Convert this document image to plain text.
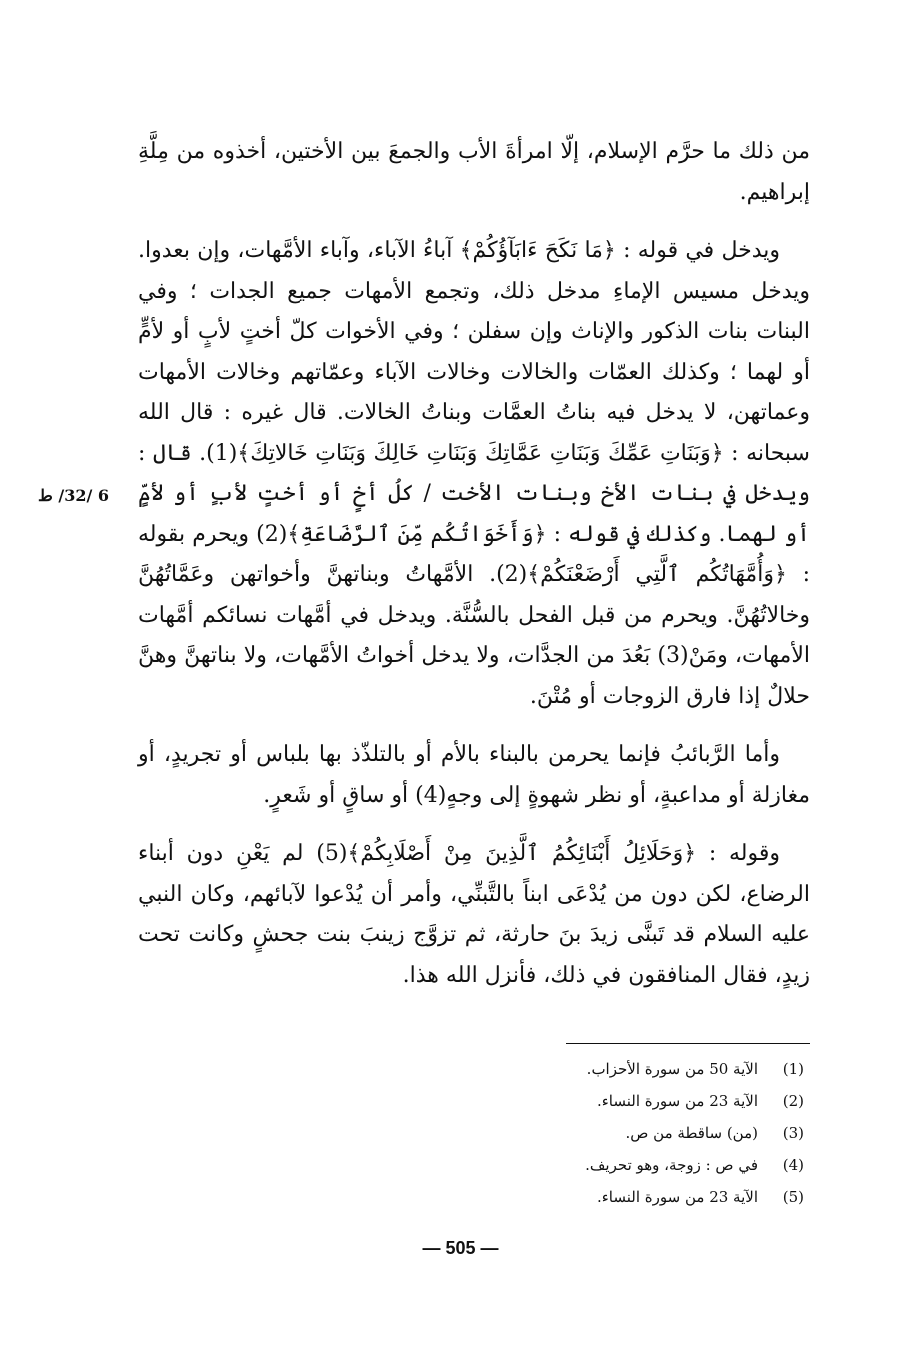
6 /32/ ط

من ذلك ما حرَّم الإسلام، إلّا امرأةَ الأب والجمعَ بين الأختين، أخذوه من مِلَّةِ إبراهيم.

ويدخل في قوله : ﴿مَا نَكَحَ ءَابَآؤُكُمْ﴾ آباءُ الآباء، وآباء الأمَّهات، وإن بعدوا. ويدخل مسيس الإماءِ مدخل ذلك، وتجمع الأمهات جميع الجدات ؛ وفي البنات بنات الذكور والإناث وإن سفلن ؛ وفي الأخوات كلّ أختٍ لأبٍ أو لأمٍّ أو لهما ؛ وكذلك العمّات والخالات وخالات الآباء وعمّاتهم وخالات الأمهات وعماتهن، لا يدخل فيه بناتُ العمَّات وبناتُ الخالات. قال غيره : قال الله سبحانه : ﴿وَبَنَاتِ عَمِّكَ وَبَنَاتِ عَمَّاتِكَ وَبَنَاتِ خَالِكَ وَبَنَاتِ خَالاتِكَ﴾(1). قال : ويدخل في بنات الأخ وبنات الأخت / كلُ أخٍ أو أختٍ لأبٍ أو لأمٍّ أو لهما. وكذلك في قوله : ﴿وَأَخَوَاتُكُم مِّنَ ٱلرَّضَاعَةِ﴾(2) ويحرم بقوله : ﴿وَأُمَّهَاتُكُم ٱلَّتِي أَرْضَعْنَكُمْ﴾(2). الأمَّهاتُ وبناتهنَّ وأخواتهن وعَمَّاتُهُنَّ وخالاتُهُنَّ. ويحرم من قبل الفحل بالسُّنَّة. ويدخل في أمَّهات نسائكم أمَّهات الأمهات، ومَنْ(3) بَعُدَ من الجدَّات، ولا يدخل أخواتُ الأمَّهات، ولا بناتهنَّ وهنَّ حلالٌ إذا فارق الزوجات أو مُتْنَ.

وأما الرَّبائبُ فإنما يحرمن بالبناء بالأم أو بالتلذّذ بها بلباس أو تجريدٍ، أو مغازلة أو مداعبةٍ، أو نظر شهوةٍ إلى وجهٍ(4) أو ساقٍ أو شَعرٍ.

وقوله : ﴿وَحَلَائِلُ أَبْنَائِكُمُ ٱلَّذِينَ مِنْ أَصْلَابِكُمْ﴾(5) لم يَعْنِ دون أبناء الرضاع، لكن دون من يُدْعَى ابناً بالتَّبنِّي، وأمر أن يُدْعوا لآبائهم، وكان النبي عليه السلام قد تَبنَّى زيدَ بنَ حارثة، ثم تزوَّج زينبَ بنت جحشٍ وكانت تحت زيدٍ، فقال المنافقون في ذلك، فأنزل الله هذا.

(1)
الآية 50 من سورة الأحزاب.
(2)
الآية 23 من سورة النساء.
(3)
(من) ساقطة من ص.
(4)
في ص : زوجة، وهو تحريف.
(5)
الآية 23 من سورة النساء.
— 505 —
